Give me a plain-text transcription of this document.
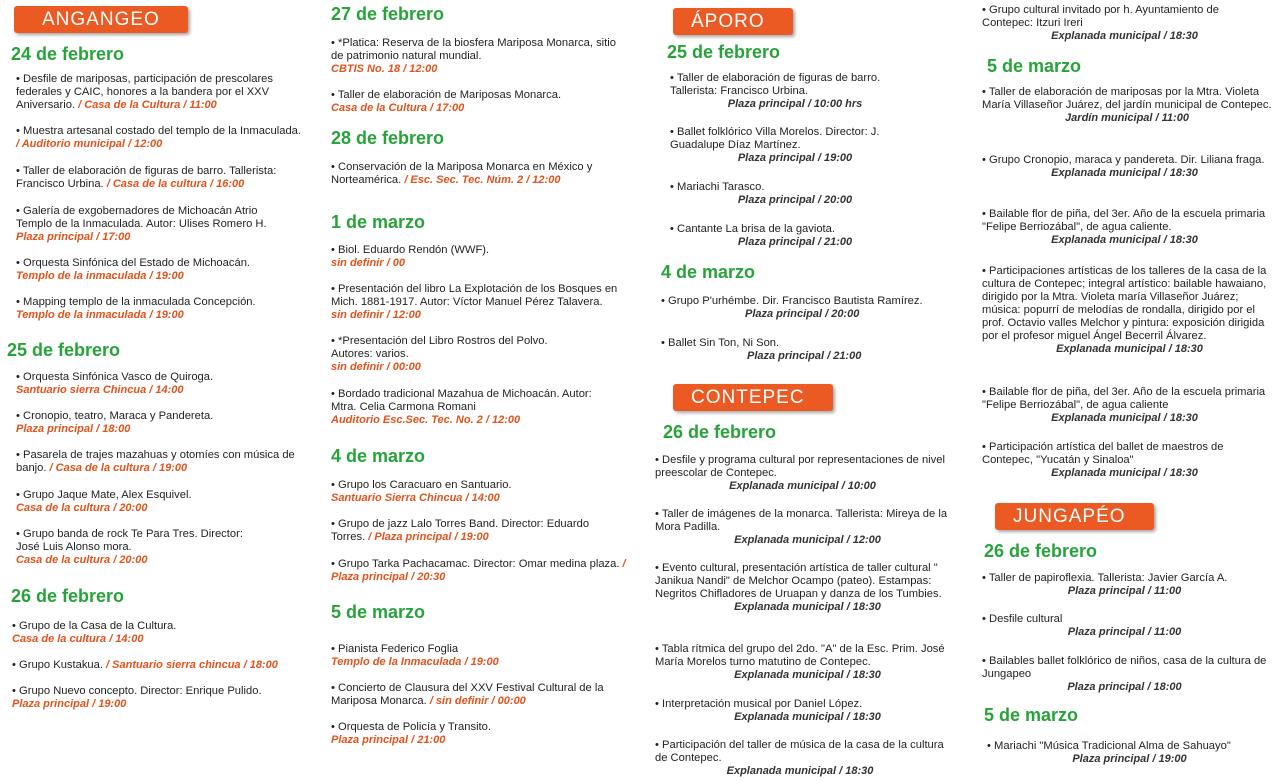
ANGANGEO

24 de febrero

• Desfile de mariposas, participación de prescolares federales y CAIC, honores a la bandera por el XXV Aniversario. / Casa de la Cultura / 11:00

• Muestra artesanal costado del templo de la Inmaculada. / Auditorio municipal / 12:00

• Taller de elaboración de figuras de barro. Tallerista: Francisco Urbina. / Casa de la cultura / 16:00

• Galería de exgobernadores de Michoacán Atrio Templo de la Inmaculada. Autor: Ulises Romero H.
Plaza principal / 17:00

• Orquesta Sinfónica del Estado de Michoacán.
Templo de la inmaculada / 19:00

• Mapping templo de la inmaculada Concepción.
Templo de la inmaculada / 19:00

25 de febrero

• Orquesta Sinfónica Vasco de Quiroga.
Santuario sierra Chincua / 14:00

• Cronopio, teatro, Maraca y Pandereta.
Plaza principal / 18:00

• Pasarela de trajes mazahuas y otomíes con música de banjo. / Casa de la cultura / 19:00

• Grupo Jaque Mate, Alex Esquivel.
Casa de la cultura / 20:00

• Grupo banda de rock Te Para Tres. Director: José Luis Alonso mora.
Casa de la cultura / 20:00

26 de febrero

• Grupo de la Casa de la Cultura.
Casa de la cultura / 14:00

• Grupo Kustakua. / Santuario sierra chincua / 18:00

• Grupo Nuevo concepto. Director: Enrique Pulido.
Plaza principal / 19:00

27 de febrero

• *Platica: Reserva de la biosfera Mariposa Monarca, sitio de patrimonio natural mundial.
CBTIS No. 18 / 12:00

• Taller de elaboración de Mariposas Monarca.
Casa de la Cultura / 17:00

28 de febrero

• Conservación de la Mariposa Monarca en México y Norteamérica. / Esc. Sec. Tec. Núm. 2 / 12:00

1 de marzo

• Biol. Eduardo Rendón (WWF).
sin definir / 00

• Presentación del libro La Explotación de los Bosques en Mich. 1881-1917. Autor: Víctor Manuel Pérez Talavera.
sin definir / 12:00

• *Presentación del Libro Rostros del Polvo. Autores: varios.
sin definir / 00:00

• Bordado tradicional Mazahua de Michoacán. Autor: Mtra. Celia Carmona Romani
Auditorio Esc.Sec. Tec. No. 2 / 12:00

4 de marzo

• Grupo los Caracuaro en Santuario.
Santuario Sierra Chincua / 14:00

• Grupo de jazz Lalo Torres Band. Director: Eduardo Torres. / Plaza principal / 19:00

• Grupo Tarka Pachacamac. Director: Omar medina plaza. / Plaza principal / 20:30

5 de marzo

• Pianista Federico Foglia
Templo de la Inmaculada / 19:00

• Concierto de Clausura del XXV Festival Cultural de la Mariposa Monarca. / sin definir / 00:00

• Orquesta de Policía y Transito.
Plaza principal / 21:00

ÁPORO

25 de febrero

• Taller de elaboración de figuras de barro. Tallerista: Francisco Urbina.
Plaza principal / 10:00 hrs

• Ballet folklórico Villa Morelos. Director: J. Guadalupe Díaz Martínez.
Plaza principal / 19:00

• Mariachi Tarasco.
Plaza principal / 20:00

• Cantante La brisa de la gaviota.
Plaza principal / 21:00

4 de marzo

• Grupo P'urhémbe. Dir. Francisco Bautista Ramírez.
Plaza principal / 20:00

• Ballet Sin Ton, Ni Son.
Plaza principal / 21:00

CONTEPEC

26 de febrero

• Desfile y programa cultural por representaciones de nivel preescolar de Contepec.
Explanada municipal / 10:00

• Taller de imágenes de la monarca. Tallerista: Mireya de la Mora Padilla.
Explanada municipal / 12:00

• Evento cultural, presentación artística de taller cultural " Janikua Nandi" de Melchor Ocampo (pateo). Estampas: Negritos Chifladores de Uruapan y danza de los Tumbies.
Explanada municipal / 18:30

• Tabla rítmica del grupo del 2do. "A" de la Esc. Prim. José María Morelos turno matutino de Contepec.
Explanada municipal / 18:30

• Interpretación musical por Daniel López.
Explanada municipal / 18:30

• Participación del taller de música de la casa de la cultura de Contepec.
Explanada municipal / 18:30

• Grupo cultural invitado por h. Ayuntamiento de Contepec: Itzuri Ireri
Explanada municipal / 18:30

5 de marzo

• Taller de elaboración de mariposas por la Mtra. Violeta María Villaseñor Juárez, del jardín municipal de Contepec.
Jardín municipal / 11:00

• Grupo Cronopio, maraca y pandereta. Dir. Liliana fraga.
Explanada municipal / 18:30

• Bailable flor de piña, del 3er. Año de la escuela primaria "Felipe Berriozábal", de agua caliente.
Explanada municipal / 18:30

• Participaciones artísticas de los talleres de la casa de la cultura de Contepec; integral artístico: bailable hawaiano, dirigido por la Mtra. Violeta maría Villaseñor Juárez; música: popurrí de melodías de rondalla, dirigido por el prof. Octavio valles Melchor y pintura: exposición dirigida por el profesor miguel Ángel Becerril Álvarez.
Explanada municipal / 18:30

• Bailable flor de piña, del 3er. Año de la escuela primaria "Felipe Berriozábal", de agua caliente
Explanada municipal / 18:30

• Participación artística del ballet de maestros de Contepec, "Yucatán y Sinaloa"
Explanada municipal / 18:30

JUNGAPÉO

26 de febrero

• Taller de papiroflexia. Tallerista: Javier García A.
Plaza principal / 11:00

• Desfile cultural
Plaza principal / 11:00

• Bailables ballet folklórico de niños, casa de la cultura de Jungapeo
Plaza principal / 18:00

5 de marzo

• Mariachi "Música Tradicional Alma de Sahuayo"
Plaza principal / 19:00
